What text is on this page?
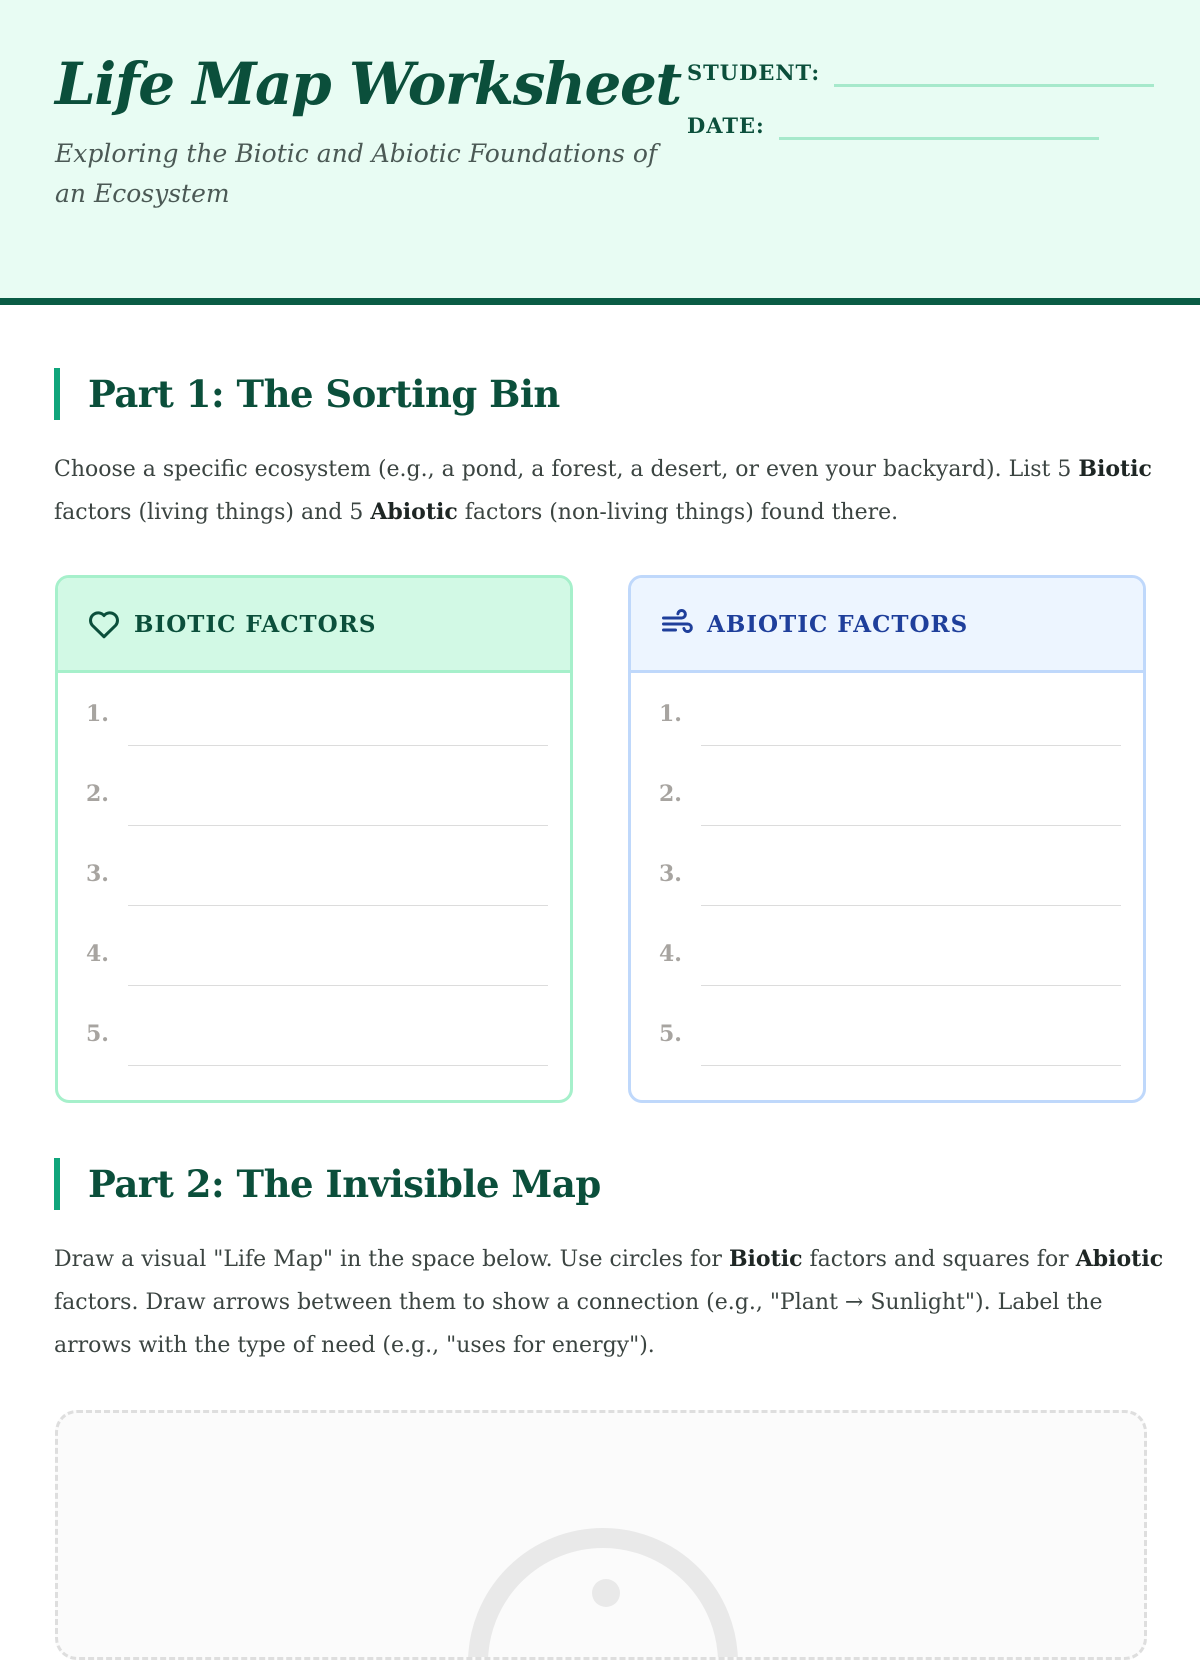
Life Map Worksheet

Exploring the Biotic and Abiotic Foundations of an Ecosystem

STUDENT:
DATE:
Part 1: The Sorting Bin

Choose a specific ecosystem (e.g., a pond, a forest, a desert, or even your backyard). List 5 Biotic factors (living things) and 5 Abiotic factors (non-living things) found there.

BIOTIC FACTORS
1.
2.
3.
4.
5.
ABIOTIC FACTORS
1.
2.
3.
4.
5.
Part 2: The Invisible Map

Draw a visual "Life Map" in the space below. Use circles for Biotic factors and squares for Abiotic factors. Draw arrows between them to show a connection (e.g., "Plant → Sunlight"). Label the arrows with the type of need (e.g., "uses for energy").
